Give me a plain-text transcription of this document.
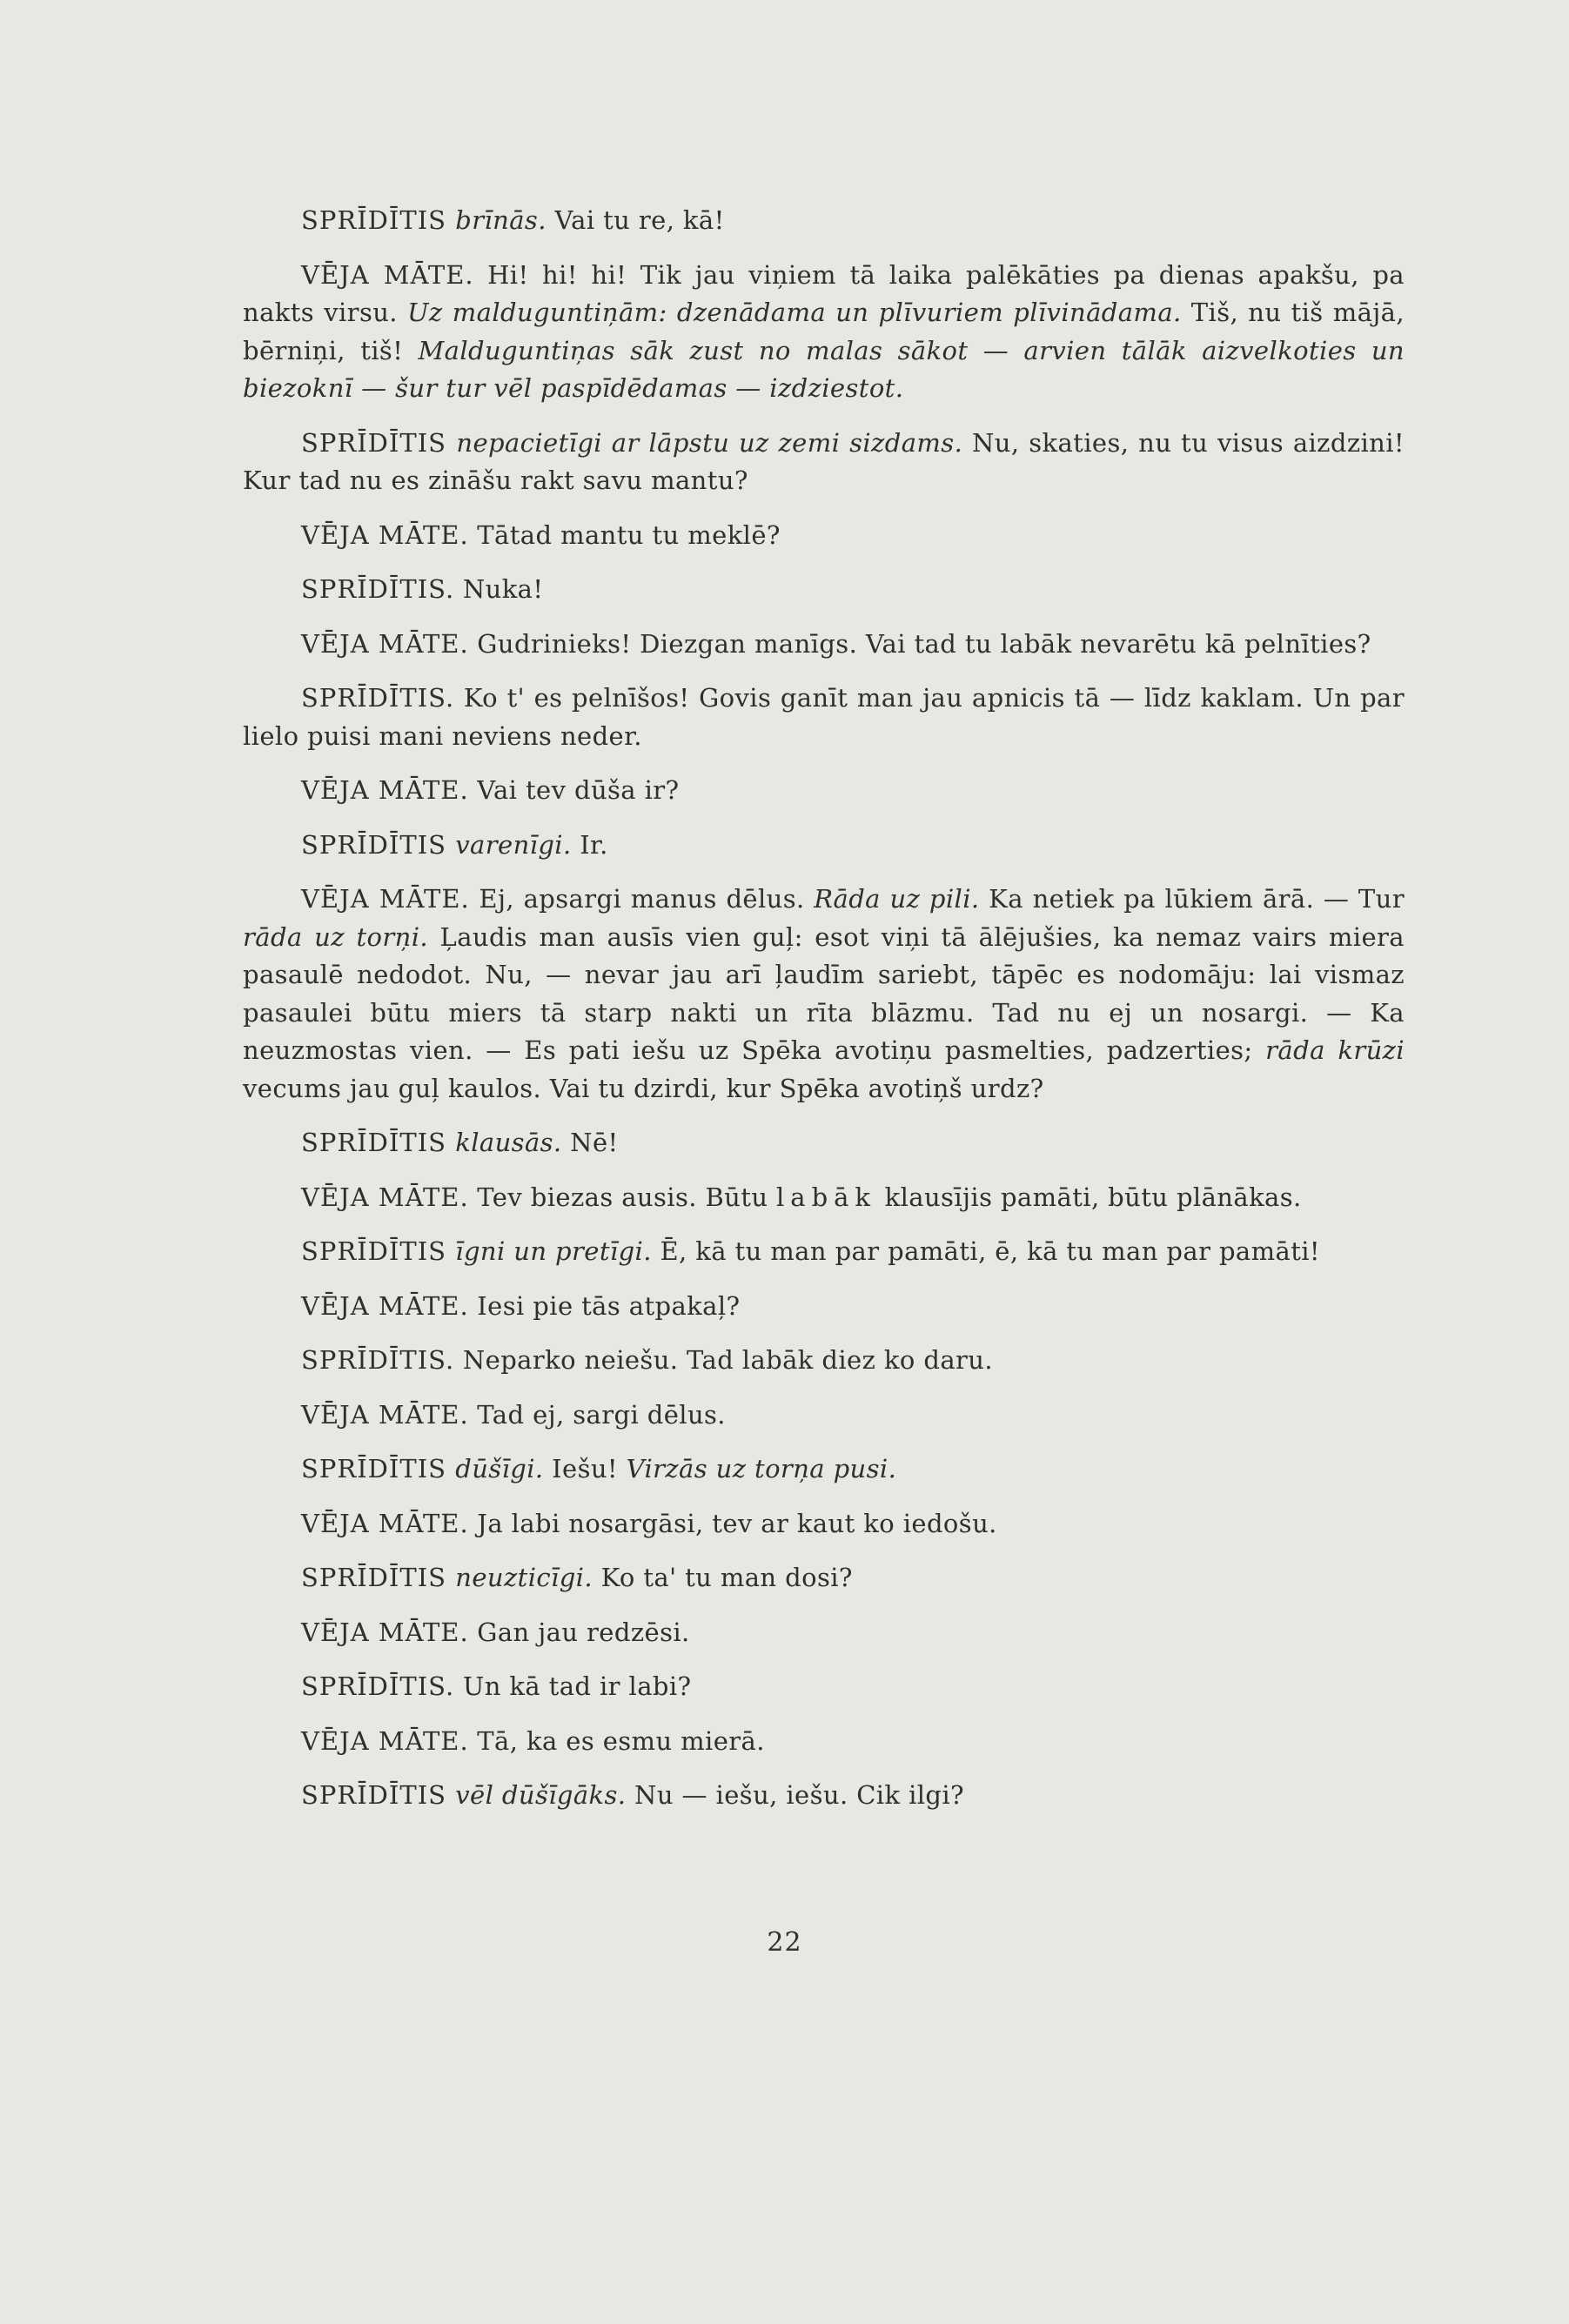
SPRĪDĪTIS brīnās. Vai tu re, kā!

VĒJA MĀTE. Hi! hi! hi! Tik jau viņiem tā laika palēkāties pa dienas apakšu, pa nakts virsu. Uz malduguntiņām: dzenādama un plīvuriem plīvinādama. Tiš, nu tiš mājā, bērniņi, tiš! Malduguntiņas sāk zust no malas sākot — arvien tālāk aizvelkoties un biezoknī — šur tur vēl paspīdēdamas — izdziestot.

SPRĪDĪTIS nepacietīgi ar lāpstu uz zemi sizdams. Nu, skaties, nu tu visus aizdzini! Kur tad nu es zināšu rakt savu mantu?

VĒJA MĀTE. Tātad mantu tu meklē?

SPRĪDĪTIS. Nuka!

VĒJA MĀTE. Gudrinieks! Diezgan manīgs. Vai tad tu labāk nevarētu kā pelnīties?

SPRĪDĪTIS. Ko t' es pelnīšos! Govis ganīt man jau apnicis tā — līdz kaklam. Un par lielo puisi mani neviens neder.

VĒJA MĀTE. Vai tev dūša ir?

SPRĪDĪTIS varenīgi. Ir.

VĒJA MĀTE. Ej, apsargi manus dēlus. Rāda uz pili. Ka netiek pa lūkiem ārā. — Tur rāda uz torņi. Ļaudis man ausīs vien guļ: esot viņi tā ālējušies, ka nemaz vairs miera pasaulē nedodot. Nu, — nevar jau arī ļaudīm sariebt, tāpēc es nodomāju: lai vismaz pasaulei būtu miers tā starp nakti un rīta blāzmu. Tad nu ej un nosargi. — Ka neuzmostas vien. — Es pati iešu uz Spēka avotiņu pasmelties, padzerties; rāda krūzi vecums jau guļ kaulos. Vai tu dzirdi, kur Spēka avotiņš urdz?

SPRĪDĪTIS klausās. Nē!

VĒJA MĀTE. Tev biezas ausis. Būtu labāk klausījis pamāti, būtu plānākas.

SPRĪDĪTIS īgni un pretīgi. Ē, kā tu man par pamāti, ē, kā tu man par pamāti!

VĒJA MĀTE. Iesi pie tās atpakaļ?

SPRĪDĪTIS. Neparko neiešu. Tad labāk diez ko daru.

VĒJA MĀTE. Tad ej, sargi dēlus.

SPRĪDĪTIS dūšīgi. Iešu! Virzās uz torņa pusi.

VĒJA MĀTE. Ja labi nosargāsi, tev ar kaut ko iedošu.

SPRĪDĪTIS neuzticīgi. Ko ta' tu man dosi?

VĒJA MĀTE. Gan jau redzēsi.

SPRĪDĪTIS. Un kā tad ir labi?

VĒJA MĀTE. Tā, ka es esmu mierā.

SPRĪDĪTIS vēl dūšīgāks. Nu — iešu, iešu. Cik ilgi?

22
